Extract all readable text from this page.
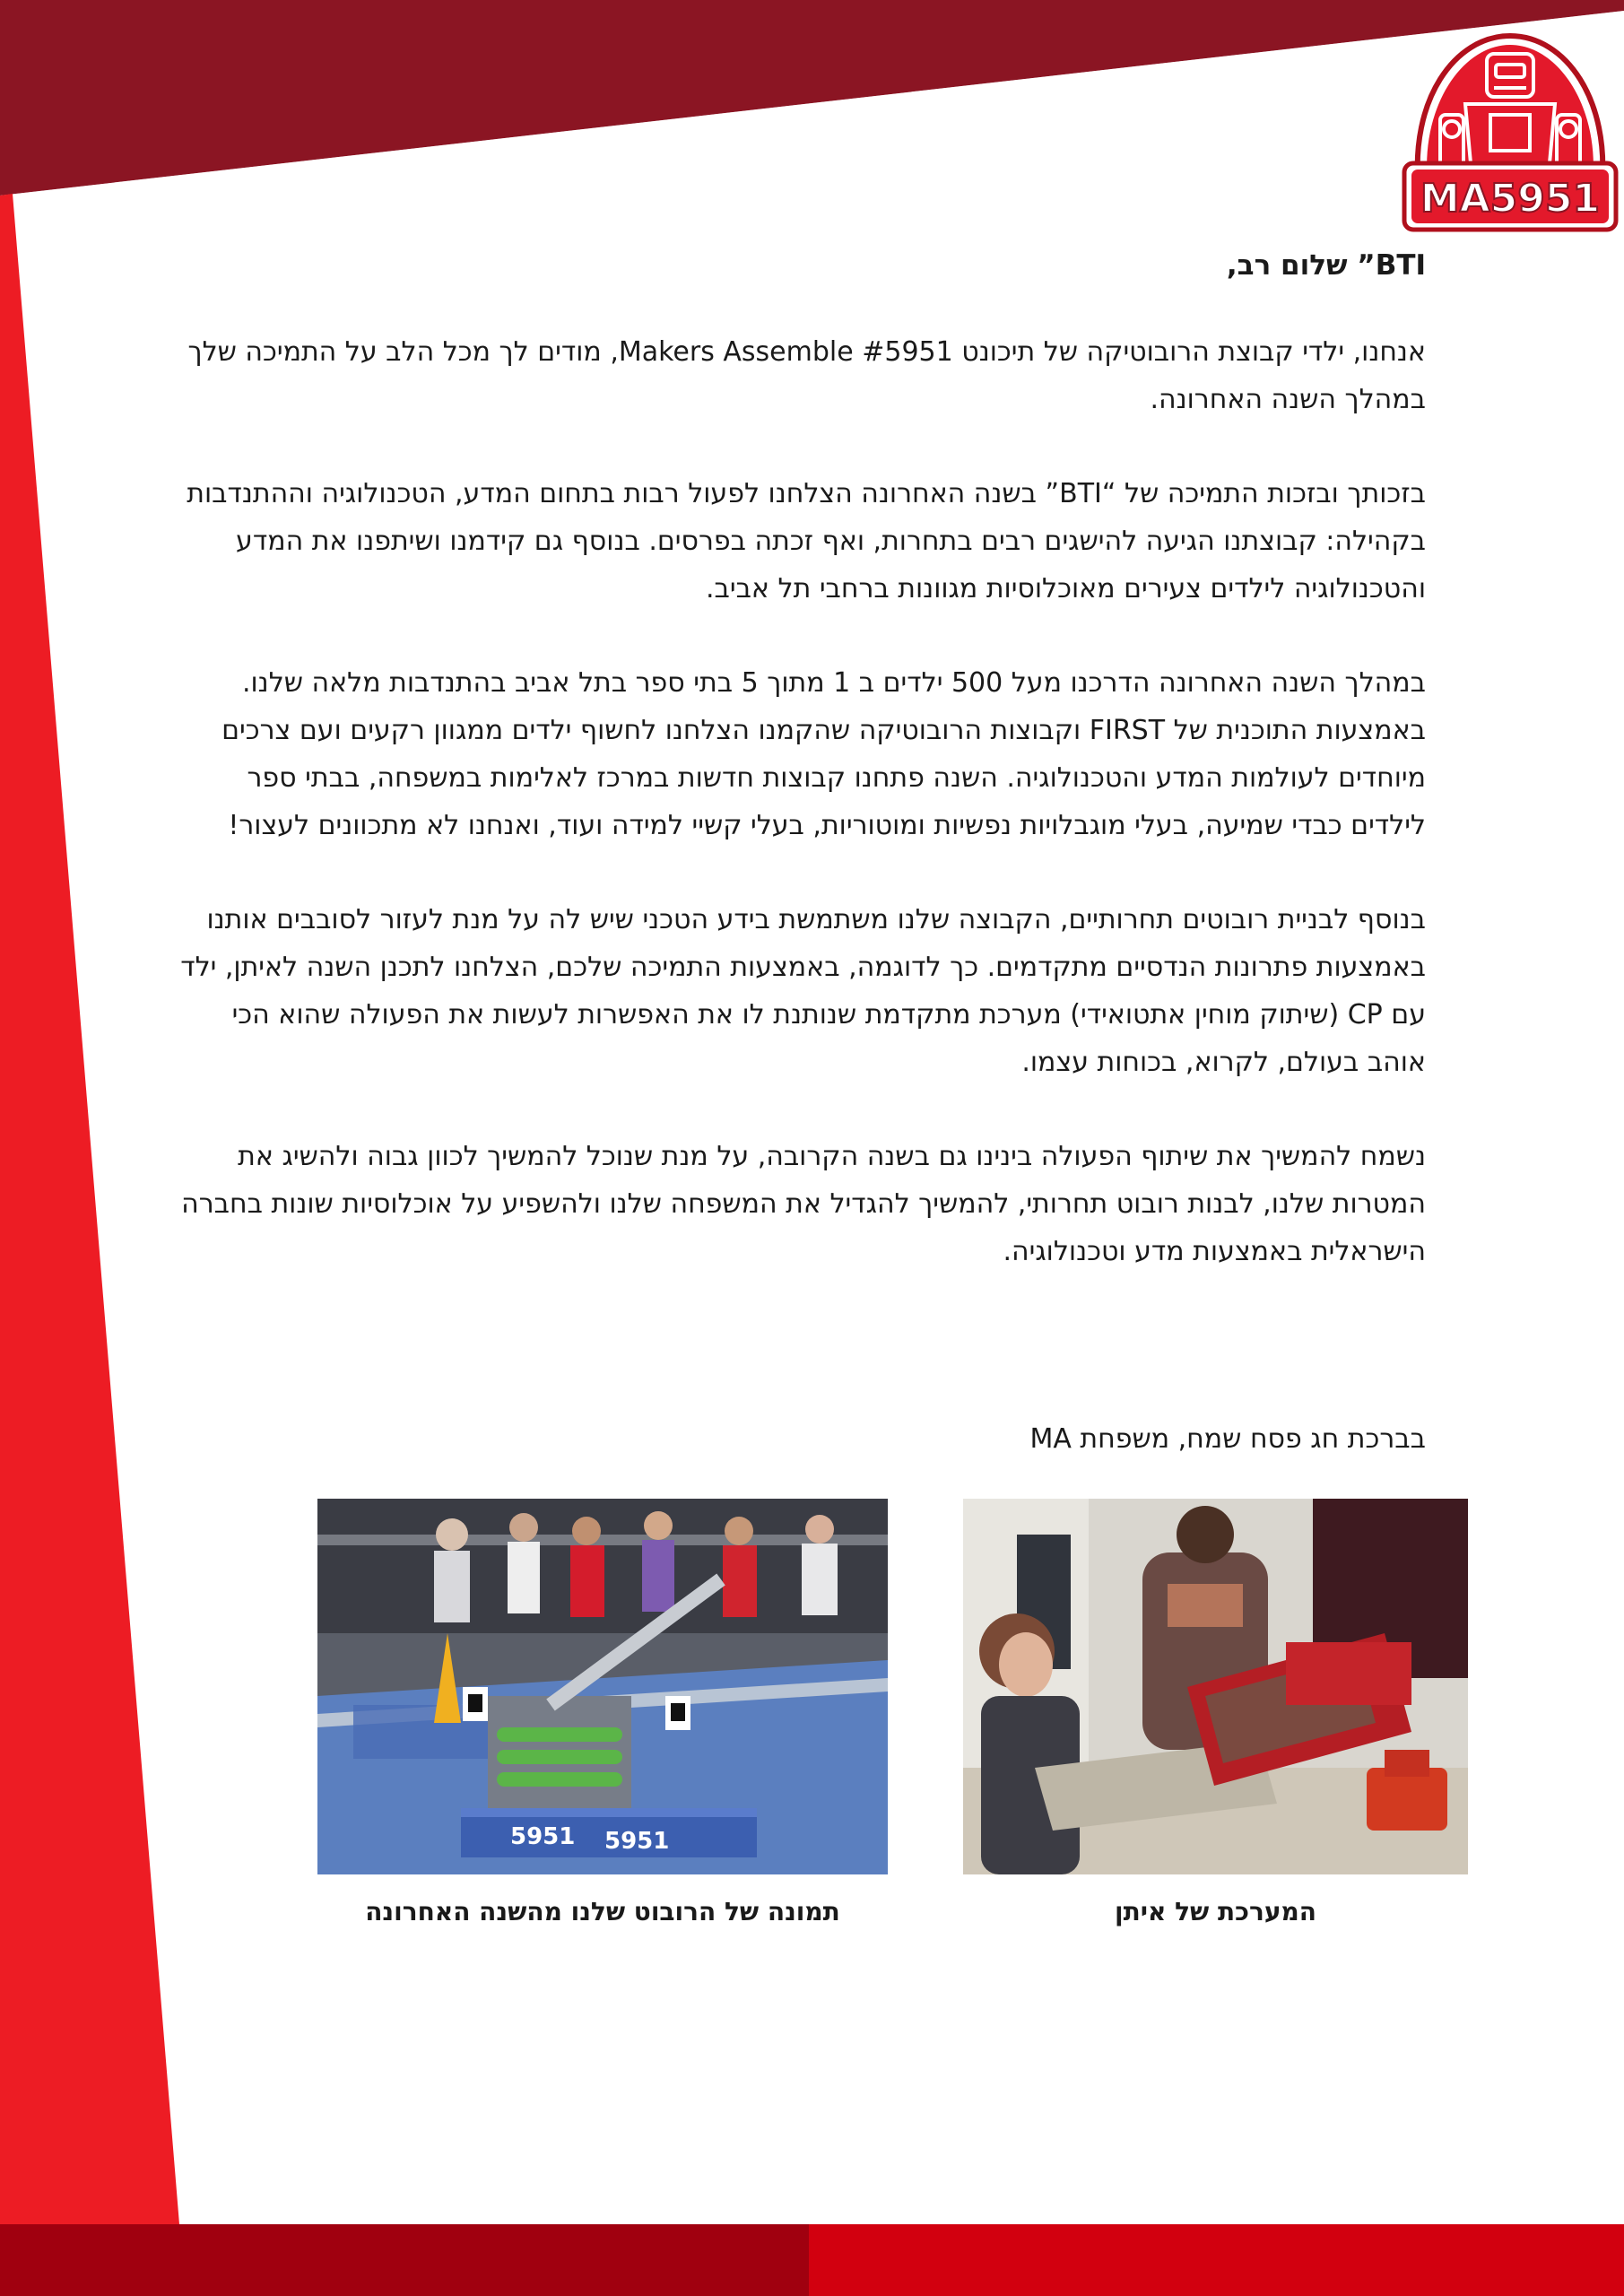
MA5951

BTI” שלום רב,

אנחנו, ילדי קבוצת הרובוטיקה של תיכונט Makers Assemble #5951, מודים לך מכל הלב על התמיכה שלך במהלך השנה האחרונה.

בזכותך ובזכות התמיכה של “BTI” בשנה האחרונה הצלחנו לפעול רבות בתחום המדע, הטכנולוגיה וההתנדבות בקהילה: קבוצתנו הגיעה להישגים רבים בתחרות, ואף זכתה בפרסים. בנוסף גם קידמנו ושיתפנו את המדע והטכנולוגיה לילדים צעירים מאוכלוסיות מגוונות ברחבי תל אביב.

במהלך השנה האחרונה הדרכנו מעל 500 ילדים ב 1 מתוך 5 בתי ספר בתל אביב בהתנדבות מלאה שלנו. באמצעות התוכנית של FIRST וקבוצות הרובוטיקה שהקמנו הצלחנו לחשוף ילדים ממגוון רקעים ועם צרכים מיוחדים לעולמות המדע והטכנולוגיה. השנה פתחנו קבוצות חדשות במרכז לאלימות במשפחה, בבתי ספר לילדים כבדי שמיעה, בעלי מוגבלויות נפשיות ומוטוריות, בעלי קשיי למידה ועוד, ואנחנו לא מתכוונים לעצור!

בנוסף לבניית רובוטים תחרותיים, הקבוצה שלנו משתמשת בידע הטכני שיש לה על מנת לעזור לסובבים אותנו באמצעות פתרונות הנדסיים מתקדמים. כך לדוגמה, באמצעות התמיכה שלכם, הצלחנו לתכנן השנה לאיתן, ילד עם CP (שיתוק מוחין אתטואידי) מערכת מתקדמת שנותנת לו את האפשרות לעשות את הפעולה שהוא הכי אוהב בעולם, לקרוא, בכוחות עצמו.

נשמח להמשיך את שיתוף הפעולה בינינו גם בשנה הקרובה, על מנת שנוכל להמשיך לכוון גבוה ולהשיג את המטרות שלנו, לבנות רובוט תחרותי, להמשיך להגדיל את המשפחה שלנו ולהשפיע על אוכלוסיות שונות בחברה הישראלית באמצעות מדע וטכנולוגיה.

בברכת חג פסח שמח, משפחת MA
5951 5951
תמונה של הרובוט שלנו מהשנה האחרונה	המערכת של איתן
